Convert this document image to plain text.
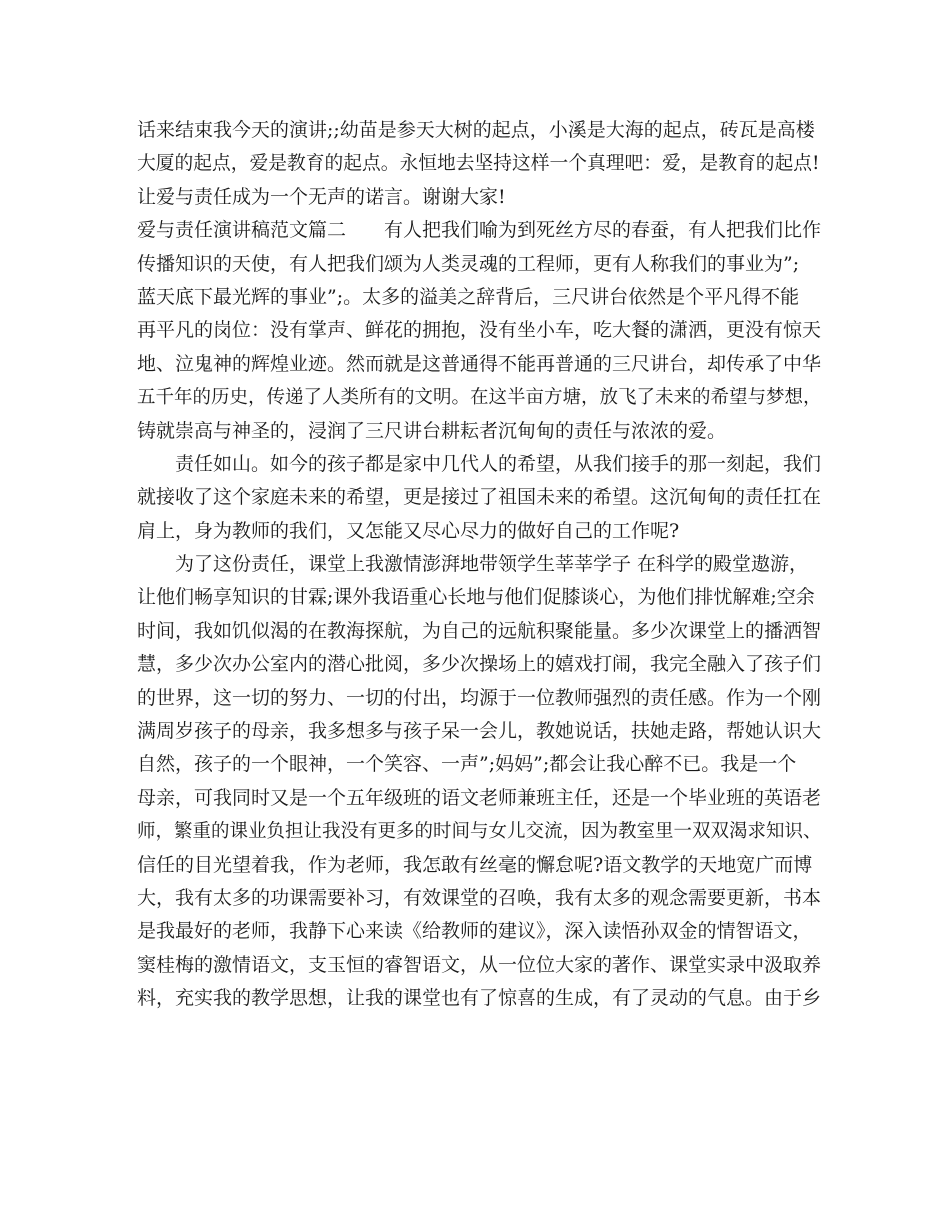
话来结束我今天的演讲;;幼苗是参天大树的起点，小溪是大海的起点，砖瓦是高楼
大厦的起点，爱是教育的起点。永恒地去坚持这样一个真理吧：爱，是教育的起点!
让爱与责任成为一个无声的诺言。谢谢大家!
爱与责任演讲稿范文篇二　　有人把我们喻为到死丝方尽的春蚕，有人把我们比作
传播知识的天使，有人把我们颂为人类灵魂的工程师，更有人称我们的事业为”;
蓝天底下最光辉的事业”;。太多的溢美之辞背后，三尺讲台依然是个平凡得不能
再平凡的岗位：没有掌声、鲜花的拥抱，没有坐小车，吃大餐的潇洒，更没有惊天
地、泣鬼神的辉煌业迹。然而就是这普通得不能再普通的三尺讲台，却传承了中华
五千年的历史，传递了人类所有的文明。在这半亩方塘，放飞了未来的希望与梦想，
铸就崇高与神圣的，浸润了三尺讲台耕耘者沉甸甸的责任与浓浓的爱。
　　责任如山。如今的孩子都是家中几代人的希望，从我们接手的那一刻起，我们
就接收了这个家庭未来的希望，更是接过了祖国未来的希望。这沉甸甸的责任扛在
肩上，身为教师的我们，又怎能又尽心尽力的做好自己的工作呢?
　　为了这份责任，课堂上我激情澎湃地带领学生莘莘学子 在科学的殿堂遨游，
让他们畅享知识的甘霖;课外我语重心长地与他们促膝谈心，为他们排忧解难;空余
时间，我如饥似渴的在教海探航，为自己的远航积聚能量。多少次课堂上的播洒智
慧，多少次办公室内的潜心批阅，多少次操场上的嬉戏打闹，我完全融入了孩子们
的世界，这一切的努力、一切的付出，均源于一位教师强烈的责任感。作为一个刚
满周岁孩子的母亲，我多想多与孩子呆一会儿，教她说话，扶她走路，帮她认识大
自然，孩子的一个眼神，一个笑容、一声”;妈妈”;都会让我心醉不已。我是一个
母亲，可我同时又是一个五年级班的语文老师兼班主任，还是一个毕业班的英语老
师，繁重的课业负担让我没有更多的时间与女儿交流，因为教室里一双双渴求知识、
信任的目光望着我，作为老师，我怎敢有丝毫的懈怠呢?语文教学的天地宽广而博
大，我有太多的功课需要补习，有效课堂的召唤，我有太多的观念需要更新，书本
是我最好的老师，我静下心来读《给教师的建议》，深入读悟孙双金的情智语文，
窦桂梅的激情语文，支玉恒的睿智语文，从一位位大家的著作、课堂实录中汲取养
料，充实我的教学思想，让我的课堂也有了惊喜的生成，有了灵动的气息。由于乡
